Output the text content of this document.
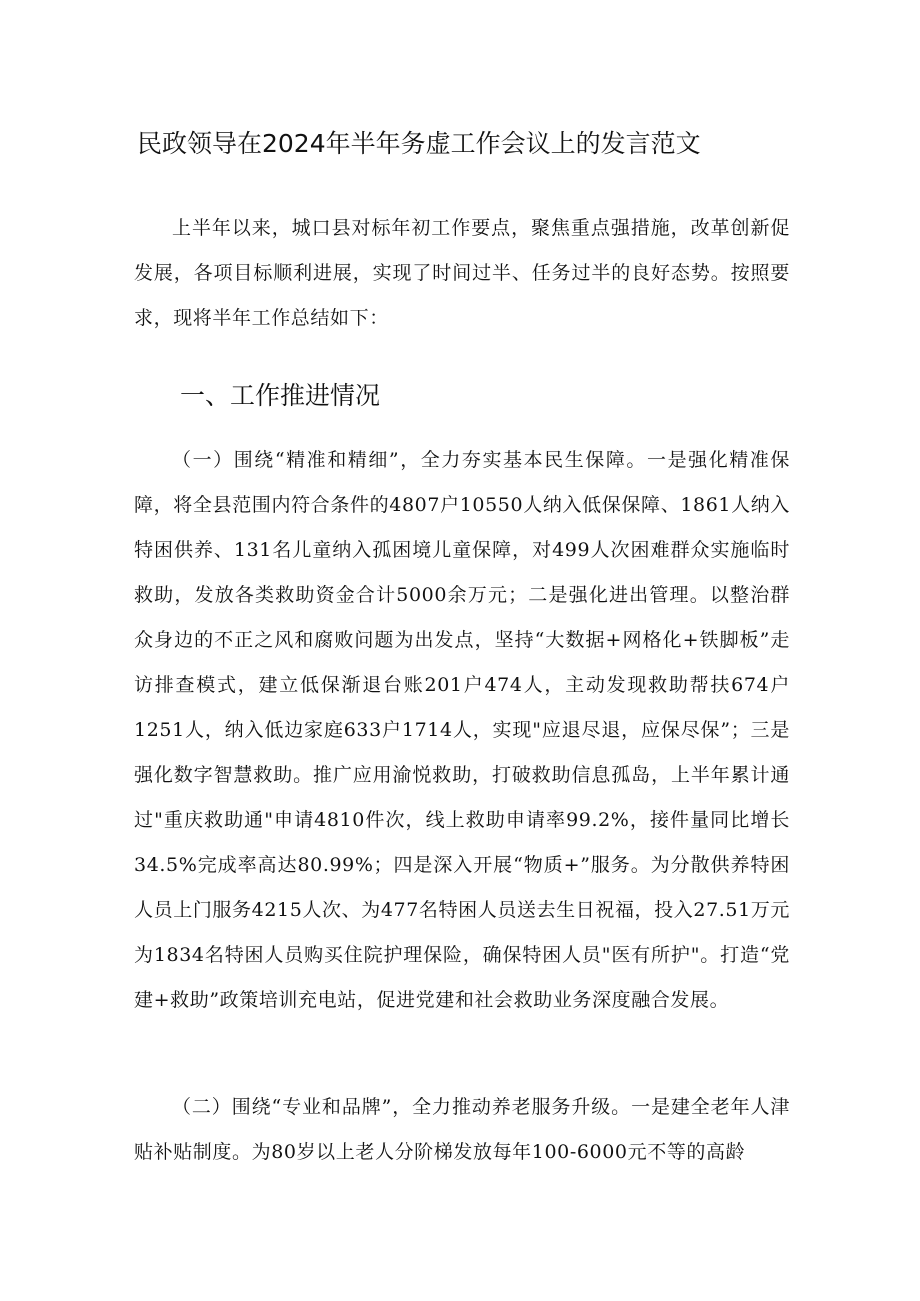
民政领导在2024年半年务虚工作会议上的发言范文

上半年以来，城口县对标年初工作要点，聚焦重点强措施，改革创新促发展，各项目标顺利进展，实现了时间过半、任务过半的良好态势。按照要求，现将半年工作总结如下：

一、工作推进情况

（一）围绕“精准和精细”，全力夯实基本民生保障。一是强化精准保障，将全县范围内符合条件的4807户10550人纳入低保保障、1861人纳入特困供养、131名儿童纳入孤困境儿童保障，对499人次困难群众实施临时救助，发放各类救助资金合计5000余万元；二是强化进出管理。以整治群众身边的不正之风和腐败问题为出发点，坚持“大数据+网格化+铁脚板”走访排查模式，建立低保渐退台账201户474人，主动发现救助帮扶674户1251人，纳入低边家庭633户1714人，实现"应退尽退，应保尽保”；三是强化数字智慧救助。推广应用渝悦救助，打破救助信息孤岛，上半年累计通过"重庆救助通"申请4810件次，线上救助申请率99.2%，接件量同比增长34.5%完成率高达80.99%；四是深入开展“物质+”服务。为分散供养特困人员上门服务4215人次、为477名特困人员送去生日祝福，投入27.51万元为1834名特困人员购买住院护理保险，确保特困人员"医有所护"。打造“党建+救助”政策培训充电站，促进党建和社会救助业务深度融合发展。

（二）围绕“专业和品牌”，全力推动养老服务升级。一是建全老年人津贴补贴制度。为80岁以上老人分阶梯发放每年100-6000元不等的高龄
